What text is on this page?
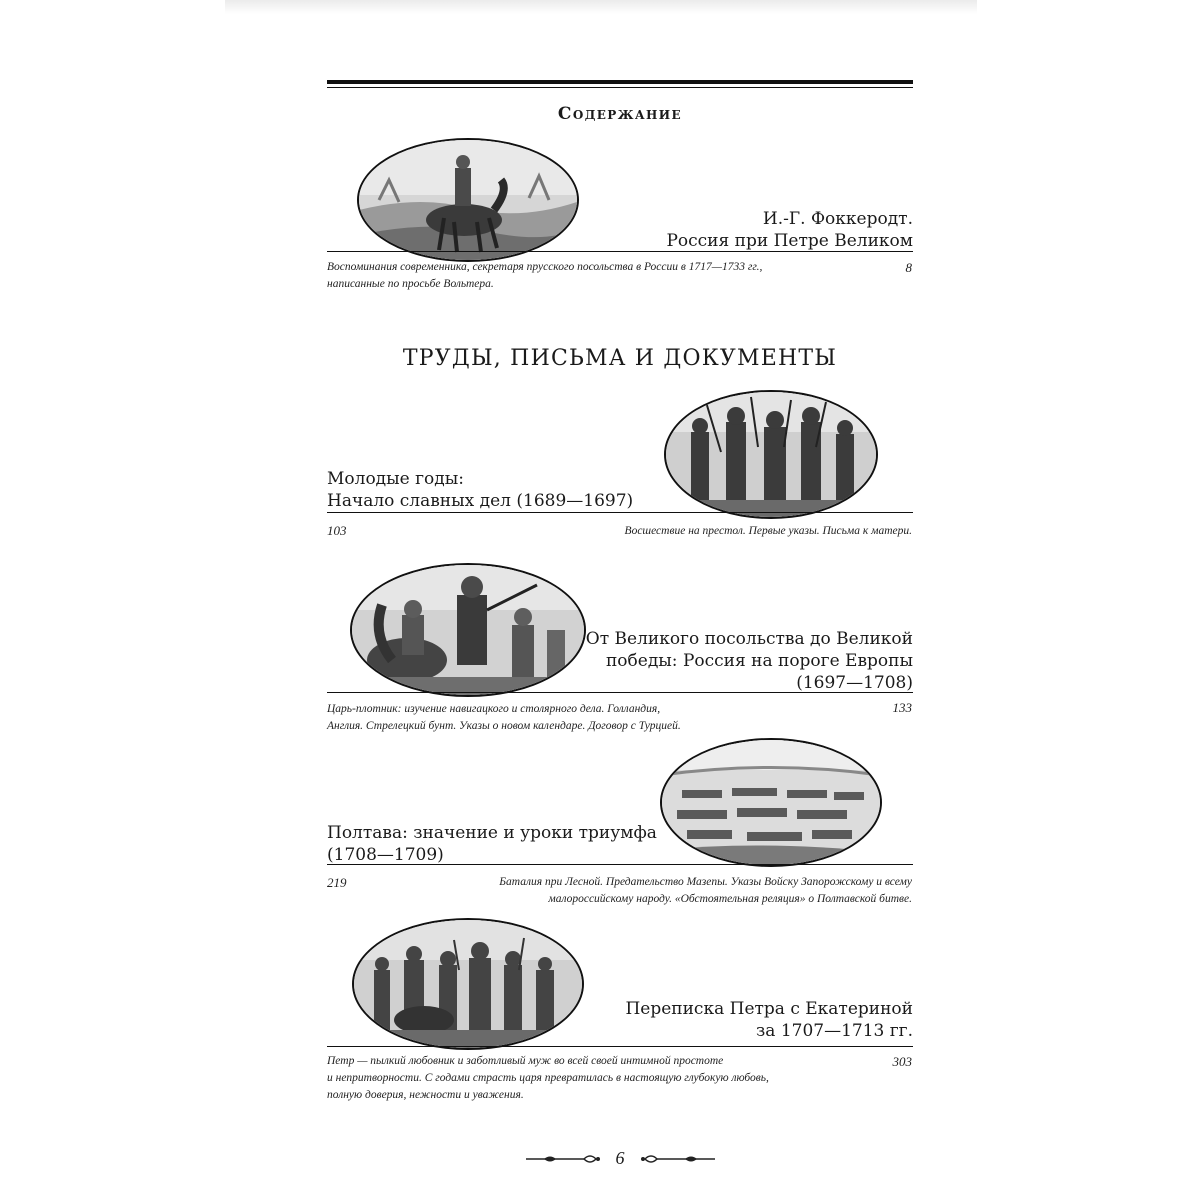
Содержание
И.-Г. Фоккеродт.
Россия при Петре Великом
Воспоминания современника, секретаря прусского посольства в России в 1717—1733 гг.,
написанные по просьбе Вольтера.
8
ТРУДЫ, ПИСЬМА И ДОКУМЕНТЫ
Молодые годы:
Начало славных дел (1689—1697)
103	Восшествие на престол. Первые указы. Письма к матери.
От Великого посольства до Великой
победы: Россия на пороге Европы
(1697—1708)
Царь-плотник: изучение навигацкого и столярного дела. Голландия,
Англия. Стрелецкий бунт. Указы о новом календаре. Договор с Турцией.
133
Полтава: значение и уроки триумфа
(1708—1709)
219	Баталия при Лесной. Предательство Мазепы. Указы Войску Запорожскому и всему
малороссийскому народу. «Обстоятельная реляция» о Полтавской битве.
Переписка Петра с Екатериной
за 1707—1713 гг.
Петр — пылкий любовник и заботливый муж во всей своей интимной простоте
и непритворности. С годами страсть царя превратилась в настоящую глубокую любовь,
полную доверия, нежности и уважения.
303
6
